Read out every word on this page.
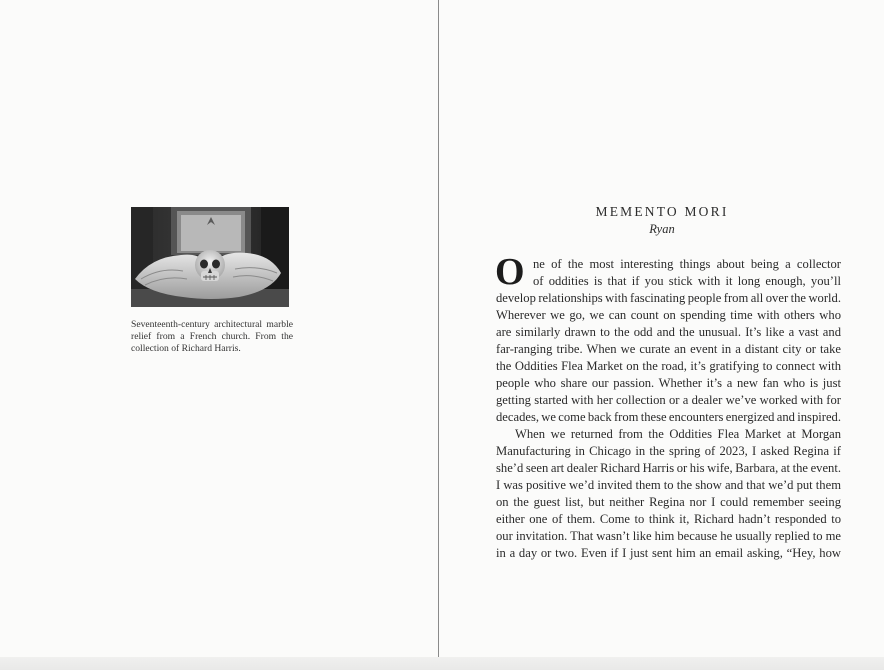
Seventeenth-century architectural marble relief from a French church. From the collection of Richard Harris.
MEMENTO MORI
Ryan
O ne of the most interesting things about being a collector
of oddities is that if you stick with it long enough, you’ll
develop relationships with fascinating people from all over the world.
Wherever we go, we can count on spending time with others who
are similarly drawn to the odd and the unusual. It’s like a vast and
far-ranging tribe. When we curate an event in a distant city or take
the Oddities Flea Market on the road, it’s gratifying to connect with
people who share our passion. Whether it’s a new fan who is just
getting started with her collection or a dealer we’ve worked with for
decades, we come back from these encounters energized and inspired.
When we returned from the Oddities Flea Market at Morgan
Manufacturing in Chicago in the spring of 2023, I asked Regina if
she’d seen art dealer Richard Harris or his wife, Barbara, at the event.
I was positive we’d invited them to the show and that we’d put them
on the guest list, but neither Regina nor I could remember seeing
either one of them. Come to think it, Richard hadn’t responded to
our invitation. That wasn’t like him because he usually replied to me
in a day or two. Even if I just sent him an email asking, “Hey, how
